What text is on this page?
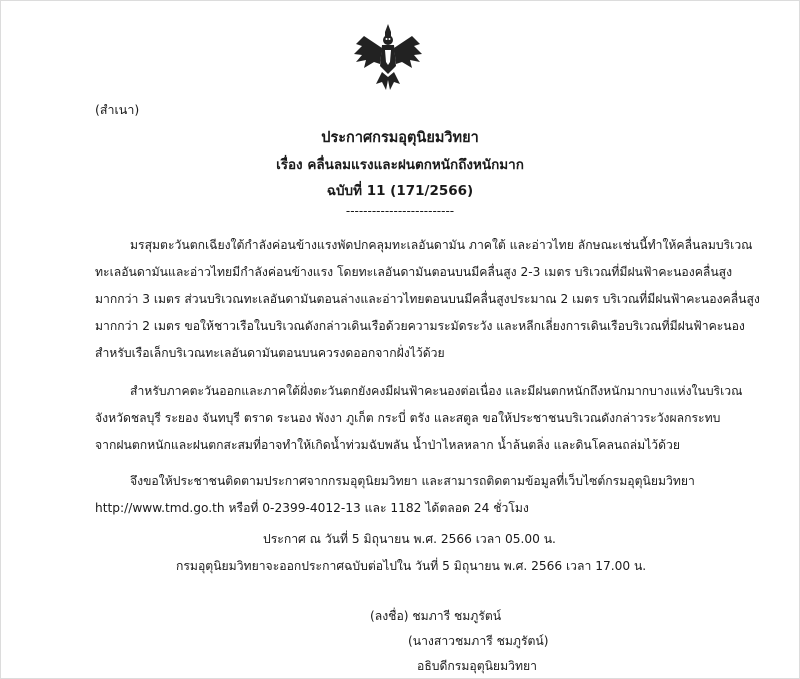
(สำเนา)
ประกาศกรมอุตุนิยมวิทยา
เรื่อง คลื่นลมแรงและฝนตกหนักถึงหนักมาก
ฉบับที่ 11 (171/2566)
-------------------------
มรสุมตะวันตกเฉียงใต้กำลังค่อนข้างแรงพัดปกคลุมทะเลอันดามัน ภาคใต้ และอ่าวไทย ลักษณะเช่นนี้ทำให้คลื่นลมบริเวณ
ทะเลอันดามันและอ่าวไทยมีกำลังค่อนข้างแรง โดยทะเลอันดามันตอนบนมีคลื่นสูง 2-3 เมตร บริเวณที่มีฝนฟ้าคะนองคลื่นสูง
มากกว่า 3 เมตร ส่วนบริเวณทะเลอันดามันตอนล่างและอ่าวไทยตอนบนมีคลื่นสูงประมาณ 2 เมตร บริเวณที่มีฝนฟ้าคะนองคลื่นสูง
มากกว่า 2 เมตร ขอให้ชาวเรือในบริเวณดังกล่าวเดินเรือด้วยความระมัดระวัง และหลีกเลี่ยงการเดินเรือบริเวณที่มีฝนฟ้าคะนอง
สำหรับเรือเล็กบริเวณทะเลอันดามันตอนบนควรงดออกจากฝั่งไว้ด้วย
สำหรับภาคตะวันออกและภาคใต้ฝั่งตะวันตกยังคงมีฝนฟ้าคะนองต่อเนื่อง และมีฝนตกหนักถึงหนักมากบางแห่งในบริเวณ
จังหวัดชลบุรี ระยอง จันทบุรี ตราด ระนอง พังงา ภูเก็ต กระบี่ ตรัง และสตูล ขอให้ประชาชนบริเวณดังกล่าวระวังผลกระทบ
จากฝนตกหนักและฝนตกสะสมที่อาจทำให้เกิดน้ำท่วมฉับพลัน น้ำป่าไหลหลาก น้ำล้นตลิ่ง และดินโคลนถล่มไว้ด้วย
จึงขอให้ประชาชนติดตามประกาศจากกรมอุตุนิยมวิทยา และสามารถติดตามข้อมูลที่เว็บไซต์กรมอุตุนิยมวิทยา
http://www.tmd.go.th หรือที่ 0-2399-4012-13 และ 1182 ได้ตลอด 24 ชั่วโมง
ประกาศ ณ วันที่ 5 มิถุนายน พ.ศ. 2566 เวลา 05.00 น.
กรมอุตุนิยมวิทยาจะออกประกาศฉบับต่อไปใน วันที่ 5 มิถุนายน พ.ศ. 2566 เวลา 17.00 น.
(ลงชื่อ) ชมภารี ชมภูรัตน์
(นางสาวชมภารี ชมภูรัตน์)
อธิบดีกรมอุตุนิยมวิทยา
